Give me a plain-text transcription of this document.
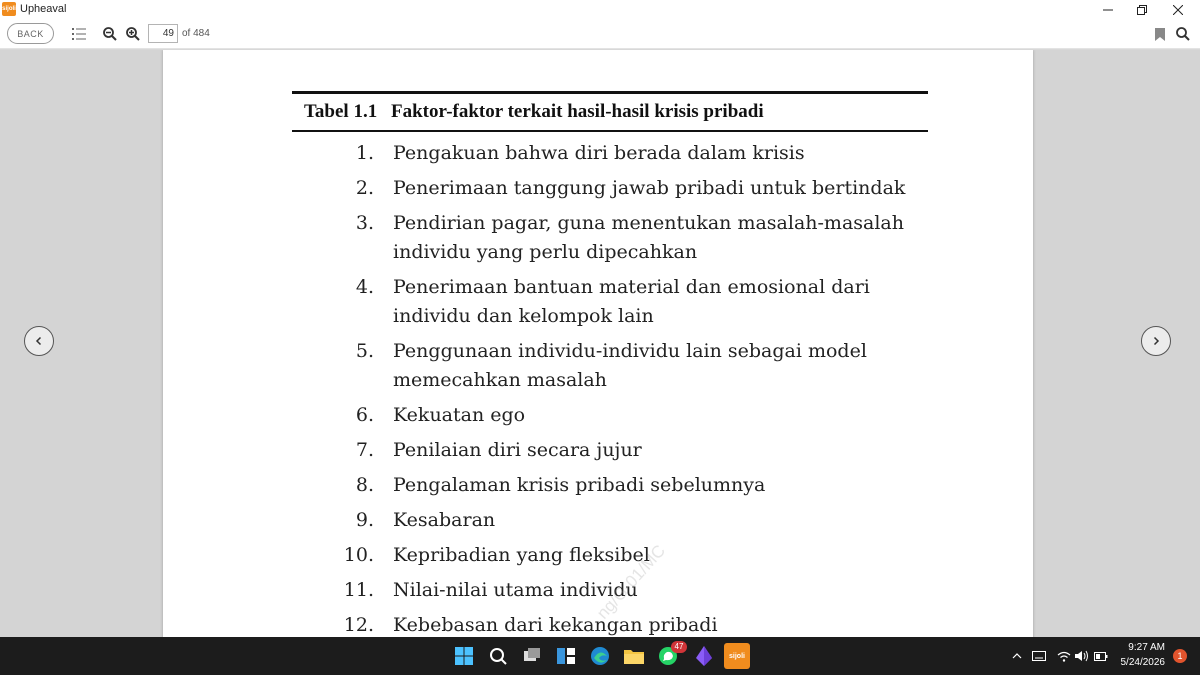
sijoli Upheaval
BACK
49	of 484
Tabel 1.1 Faktor-faktor terkait hasil-hasil krisis pribadi
1. Pengakuan bahwa diri berada dalam krisis
2. Penerimaan tanggung jawab pribadi untuk bertindak
3. Pendirian pagar, guna menentukan masalah-masalah
individu yang perlu dipecahkan
4. Penerimaan bantuan material dan emosional dari
individu dan kelompok lain
5. Penggunaan individu-individu lain sebagai model
memecahkan masalah
6. Kekuatan ego
7. Penilaian diri secara jujur
8. Pengalaman krisis pribadi sebelumnya
9. Kesabaran
10. Kepribadian yang fleksibel
11. Nilai-nilai utama individu
12. Kebebasan dari kekangan pribadi
ng/G-01/MC
47
sijoli
9:27 AM
5/24/2026
1
